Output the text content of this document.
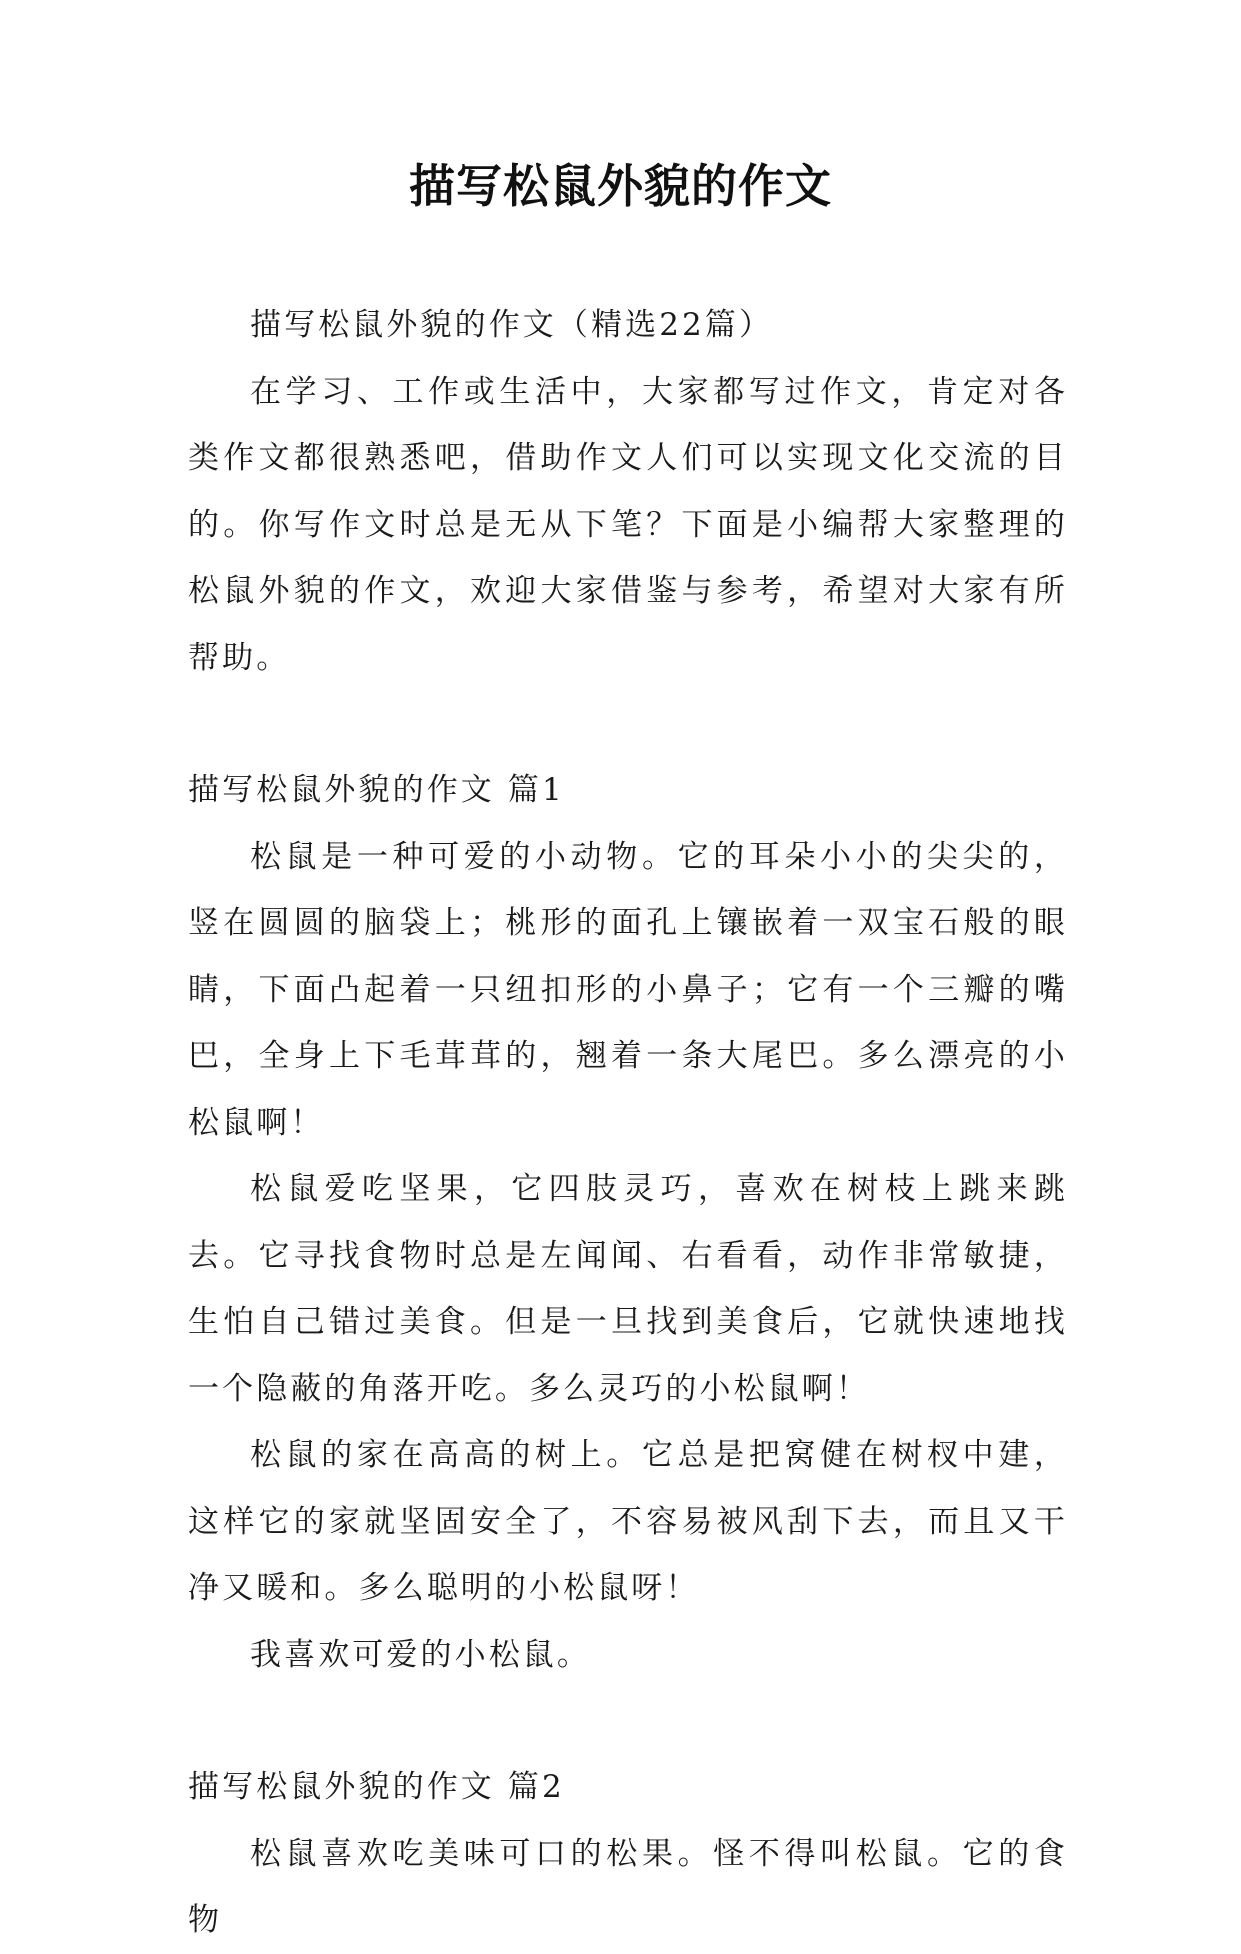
描写松鼠外貌的作文

描写松鼠外貌的作文（精选22篇）

在学习、工作或生活中，大家都写过作文，肯定对各类作文都很熟悉吧，借助作文人们可以实现文化交流的目的。你写作文时总是无从下笔？下面是小编帮大家整理的松鼠外貌的作文，欢迎大家借鉴与参考，希望对大家有所帮助。

描写松鼠外貌的作文 篇1

松鼠是一种可爱的小动物。它的耳朵小小的尖尖的，竖在圆圆的脑袋上；桃形的面孔上镶嵌着一双宝石般的眼睛，下面凸起着一只纽扣形的小鼻子；它有一个三瓣的嘴巴，全身上下毛茸茸的，翘着一条大尾巴。多么漂亮的小松鼠啊！

松鼠爱吃坚果，它四肢灵巧，喜欢在树枝上跳来跳去。它寻找食物时总是左闻闻、右看看，动作非常敏捷，生怕自己错过美食。但是一旦找到美食后，它就快速地找一个隐蔽的角落开吃。多么灵巧的小松鼠啊！

松鼠的家在高高的树上。它总是把窝健在树杈中建，这样它的家就坚固安全了，不容易被风刮下去，而且又干净又暖和。多么聪明的小松鼠呀！

我喜欢可爱的小松鼠。

描写松鼠外貌的作文 篇2

松鼠喜欢吃美味可口的松果。怪不得叫松鼠。它的食物
